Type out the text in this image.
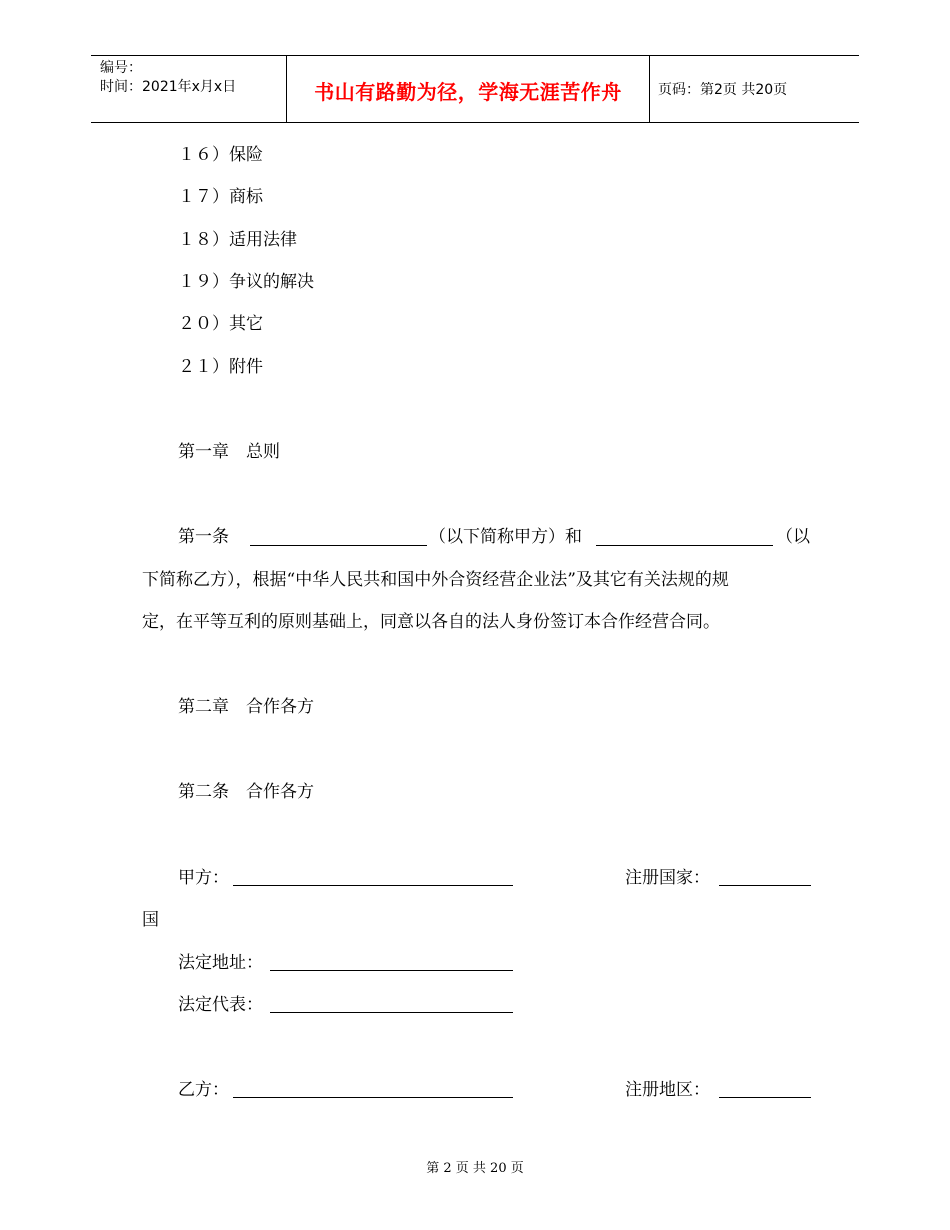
编号：
时间：2021年x月x日	书山有路勤为径，学海无涯苦作舟	页码：第2页 共20页
１６）保险
１７）商标
１８）适用法律
１９）争议的解决
２０）其它
２１）附件
第一章　总则
第一条	（以下简称甲方）和	（以
下简称乙方），根据“中华人民共和国中外合资经营企业法”及其它有关法规的规
定，在平等互利的原则基础上，同意以各自的法人身份签订本合作经营合同。
第二章　合作各方
第二条　合作各方
甲方：	注册国家：
国
法定地址：
法定代表：
乙方：	注册地区：
第 2 页 共 20 页
